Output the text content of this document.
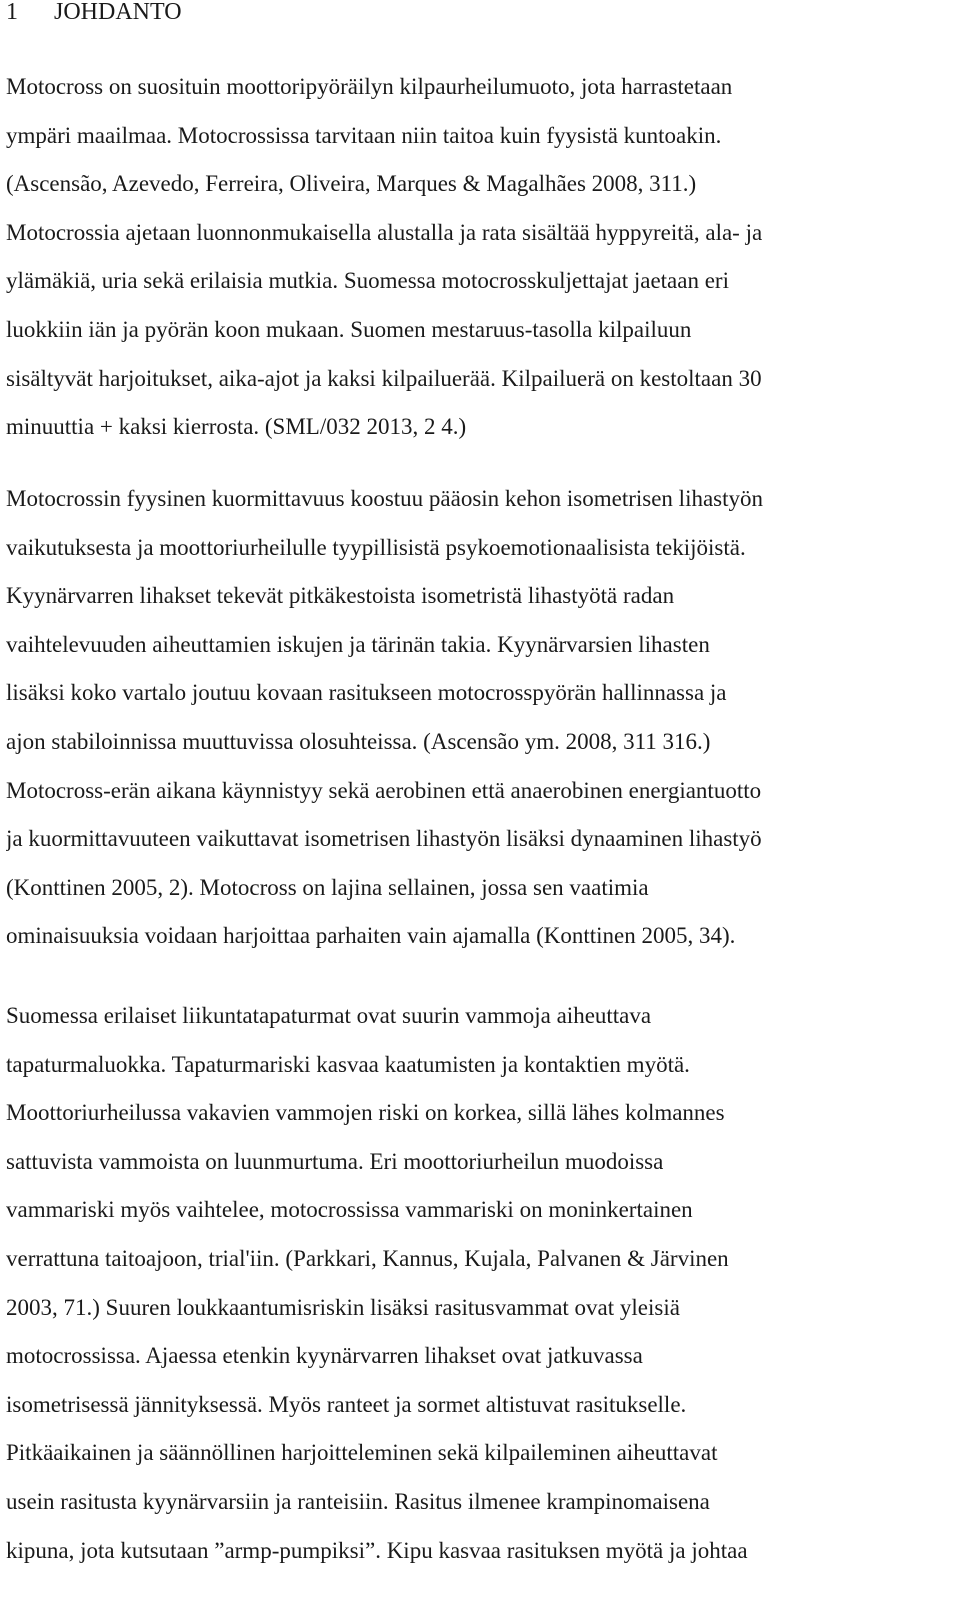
1 JOHDANTO
Motocross on suosituin moottoripyöräilyn kilpaurheilumuoto, jota harrastetaan
ympäri maailmaa. Motocrossissa tarvitaan niin taitoa kuin fyysistä kuntoakin.
(Ascensão, Azevedo, Ferreira, Oliveira, Marques & Magalhães 2008, 311.)
Motocrossia ajetaan luonnonmukaisella alustalla ja rata sisältää hyppyreitä, ala- ja
ylämäkiä, uria sekä erilaisia mutkia. Suomessa motocrosskuljettajat jaetaan eri
luokkiin iän ja pyörän koon mukaan. Suomen mestaruus-tasolla kilpailuun
sisältyvät harjoitukset, aika-ajot ja kaksi kilpailuerää. Kilpailuerä on kestoltaan 30
minuuttia + kaksi kierrosta. (SML/032 2013, 2 4.)
Motocrossin fyysinen kuormittavuus koostuu pääosin kehon isometrisen lihastyön
vaikutuksesta ja moottoriurheilulle tyypillisistä psykoemotionaalisista tekijöistä.
Kyynärvarren lihakset tekevät pitkäkestoista isometristä lihastyötä radan
vaihtelevuuden aiheuttamien iskujen ja tärinän takia. Kyynärvarsien lihasten
lisäksi koko vartalo joutuu kovaan rasitukseen motocrosspyörän hallinnassa ja
ajon stabiloinnissa muuttuvissa olosuhteissa. (Ascensão ym. 2008, 311 316.)
Motocross-erän aikana käynnistyy sekä aerobinen että anaerobinen energiantuotto
ja kuormittavuuteen vaikuttavat isometrisen lihastyön lisäksi dynaaminen lihastyö
(Konttinen 2005, 2). Motocross on lajina sellainen, jossa sen vaatimia
ominaisuuksia voidaan harjoittaa parhaiten vain ajamalla (Konttinen 2005, 34).
Suomessa erilaiset liikuntatapaturmat ovat suurin vammoja aiheuttava
tapaturmaluokka. Tapaturmariski kasvaa kaatumisten ja kontaktien myötä.
Moottoriurheilussa vakavien vammojen riski on korkea, sillä lähes kolmannes
sattuvista vammoista on luunmurtuma. Eri moottoriurheilun muodoissa
vammariski myös vaihtelee, motocrossissa vammariski on moninkertainen
verrattuna taitoajoon, trial'iin. (Parkkari, Kannus, Kujala, Palvanen & Järvinen
2003, 71.) Suuren loukkaantumisriskin lisäksi rasitusvammat ovat yleisiä
motocrossissa. Ajaessa etenkin kyynärvarren lihakset ovat jatkuvassa
isometrisessä jännityksessä. Myös ranteet ja sormet altistuvat rasitukselle.
Pitkäaikainen ja säännöllinen harjoitteleminen sekä kilpaileminen aiheuttavat
usein rasitusta kyynärvarsiin ja ranteisiin. Rasitus ilmenee krampinomaisena
kipuna, jota kutsutaan ”armp-pumpiksi”. Kipu kasvaa rasituksen myötä ja johtaa
